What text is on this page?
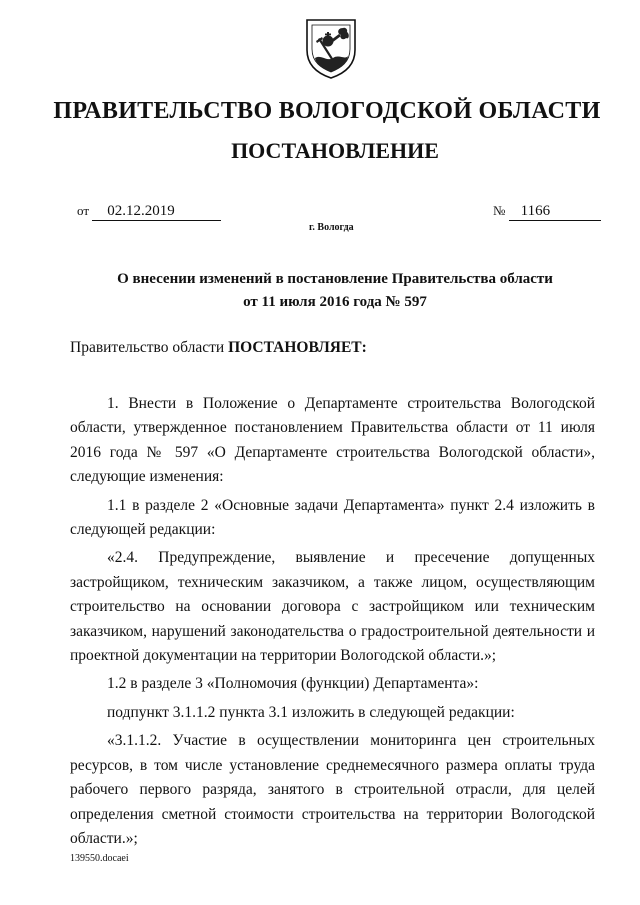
ПРАВИТЕЛЬСТВО ВОЛОГОДСКОЙ ОБЛАСТИ
ПОСТАНОВЛЕНИЕ
от 02.12.2019	№ 1166
г. Вологда
О внесении изменений в постановление Правительства области
от 11 июля 2016 года № 597
Правительство области ПОСТАНОВЛЯЕТ:

1. Внести в Положение о Департаменте строительства Вологодской области, утвержденное постановлением Правительства области от 11 июля 2016 года № 597 «О Департаменте строительства Вологодской области», следующие изменения:

1.1 в разделе 2 «Основные задачи Департамента» пункт 2.4 изложить в следующей редакции:

«2.4. Предупреждение, выявление и пресечение допущенных застройщиком, техническим заказчиком, а также лицом, осуществляющим строительство на основании договора с застройщиком или техническим заказчиком, нарушений законодательства о градостроительной деятельности и проектной документации на территории Вологодской области.»;

1.2 в разделе 3 «Полномочия (функции) Департамента»:

подпункт 3.1.1.2 пункта 3.1 изложить в следующей редакции:

«3.1.1.2. Участие в осуществлении мониторинга цен строительных ресурсов, в том числе установление среднемесячного размера оплаты труда рабочего первого разряда, занятого в строительной отрасли, для целей определения сметной стоимости строительства на территории Вологодской области.»;

139550.docaei
